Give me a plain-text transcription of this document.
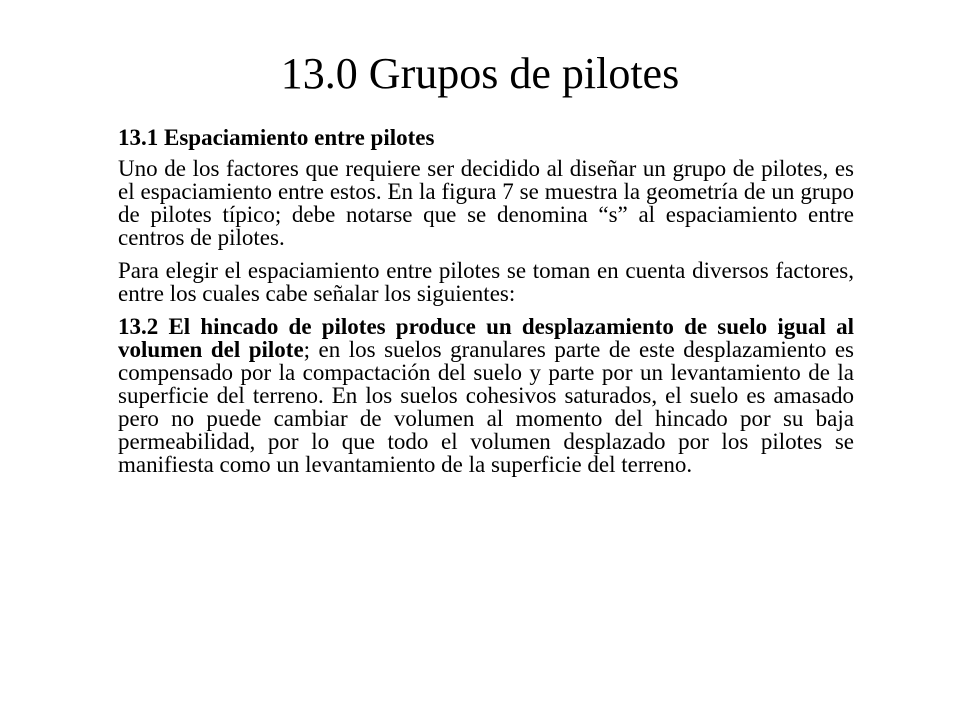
13.0 Grupos de pilotes
13.1 Espaciamiento entre pilotes

Uno de los factores que requiere ser decidido al diseñar un grupo de pilotes, es el espaciamiento entre estos. En la figura 7 se muestra la geometría de un grupo de pilotes típico; debe notarse que se denomina “s” al espaciamiento entre centros de pilotes.

Para elegir el espaciamiento entre pilotes se toman en cuenta diversos factores, entre los cuales cabe señalar los siguientes:

13.2 El hincado de pilotes produce un desplazamiento de suelo igual al volumen del pilote; en los suelos granulares parte de este desplazamiento es compensado por la compactación del suelo y parte por un levantamiento de la superficie del terreno. En los suelos cohesivos saturados, el suelo es amasado pero no puede cambiar de volumen al momento del hincado por su baja permeabilidad, por lo que todo el volumen desplazado por los pilotes se manifiesta como un levantamiento de la superficie del terreno.
